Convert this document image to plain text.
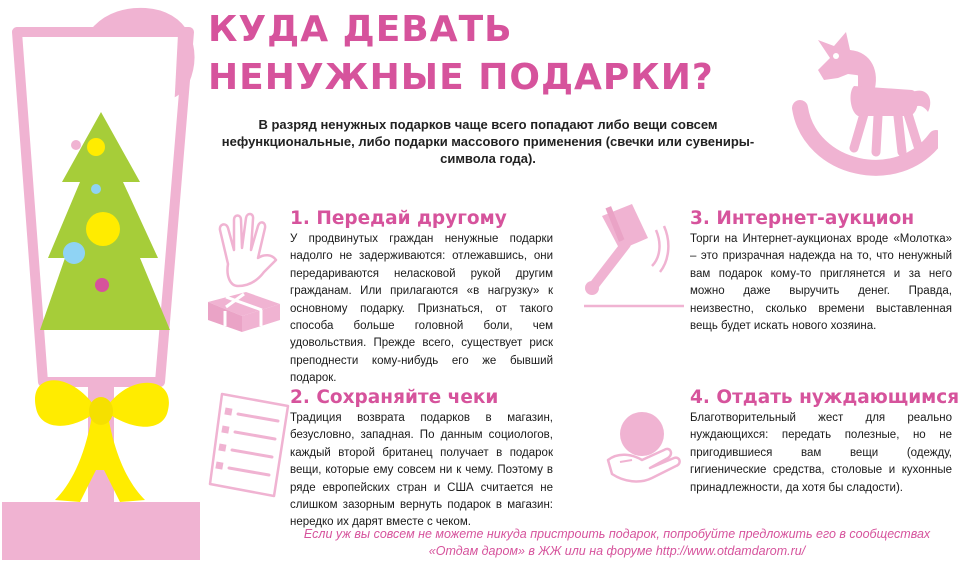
КУДА ДЕВАТЬ
НЕНУЖНЫЕ ПОДАРКИ?

В разряд ненужных подарков чаще всего попадают либо вещи совсем нефункциональные, либо подарки массового применения (свечки или сувениры-символа года).

1. Передай другому

У продвинутых граждан ненужные подарки надолго не задерживаются: отлежавшись, они передариваются неласковой рукой другим гражданам. Или прилагаются «в нагрузку» к основному подарку. Признаться, от такого способа больше головной боли, чем удовольствия. Прежде всего, существует риск преподнести кому-нибудь его же бывший подарок.

2. Сохраняйте чеки

Традиция возврата подарков в магазин, безусловно, западная. По данным социологов, каждый второй британец получает в подарок вещи, которые ему совсем ни к чему. Поэтому в ряде европейских стран и США считается не слишком зазорным вернуть подарок в магазин: нередко их дарят вместе с чеком.

3. Интернет-аукцион

Торги на Интернет-аукционах вроде «Молотка» – это призрачная надежда на то, что ненужный вам подарок кому-то приглянется и за него можно даже выручить денег. Правда, неизвестно, сколько времени выставленная вещь будет искать нового хозяина.

4. Отдать нуждающимся

Благотворительный жест для реально нуждающихся: передать полезные, но не пригодившиеся вам вещи (одежду, гигиенические средства, столовые и кухонные принадлежности, да хотя бы сладости).

Если уж вы совсем не можете никуда пристроить подарок, попробуйте предложить его в сообществах «Отдам даром» в ЖЖ или на форуме http://www.otdamdarom.ru/
